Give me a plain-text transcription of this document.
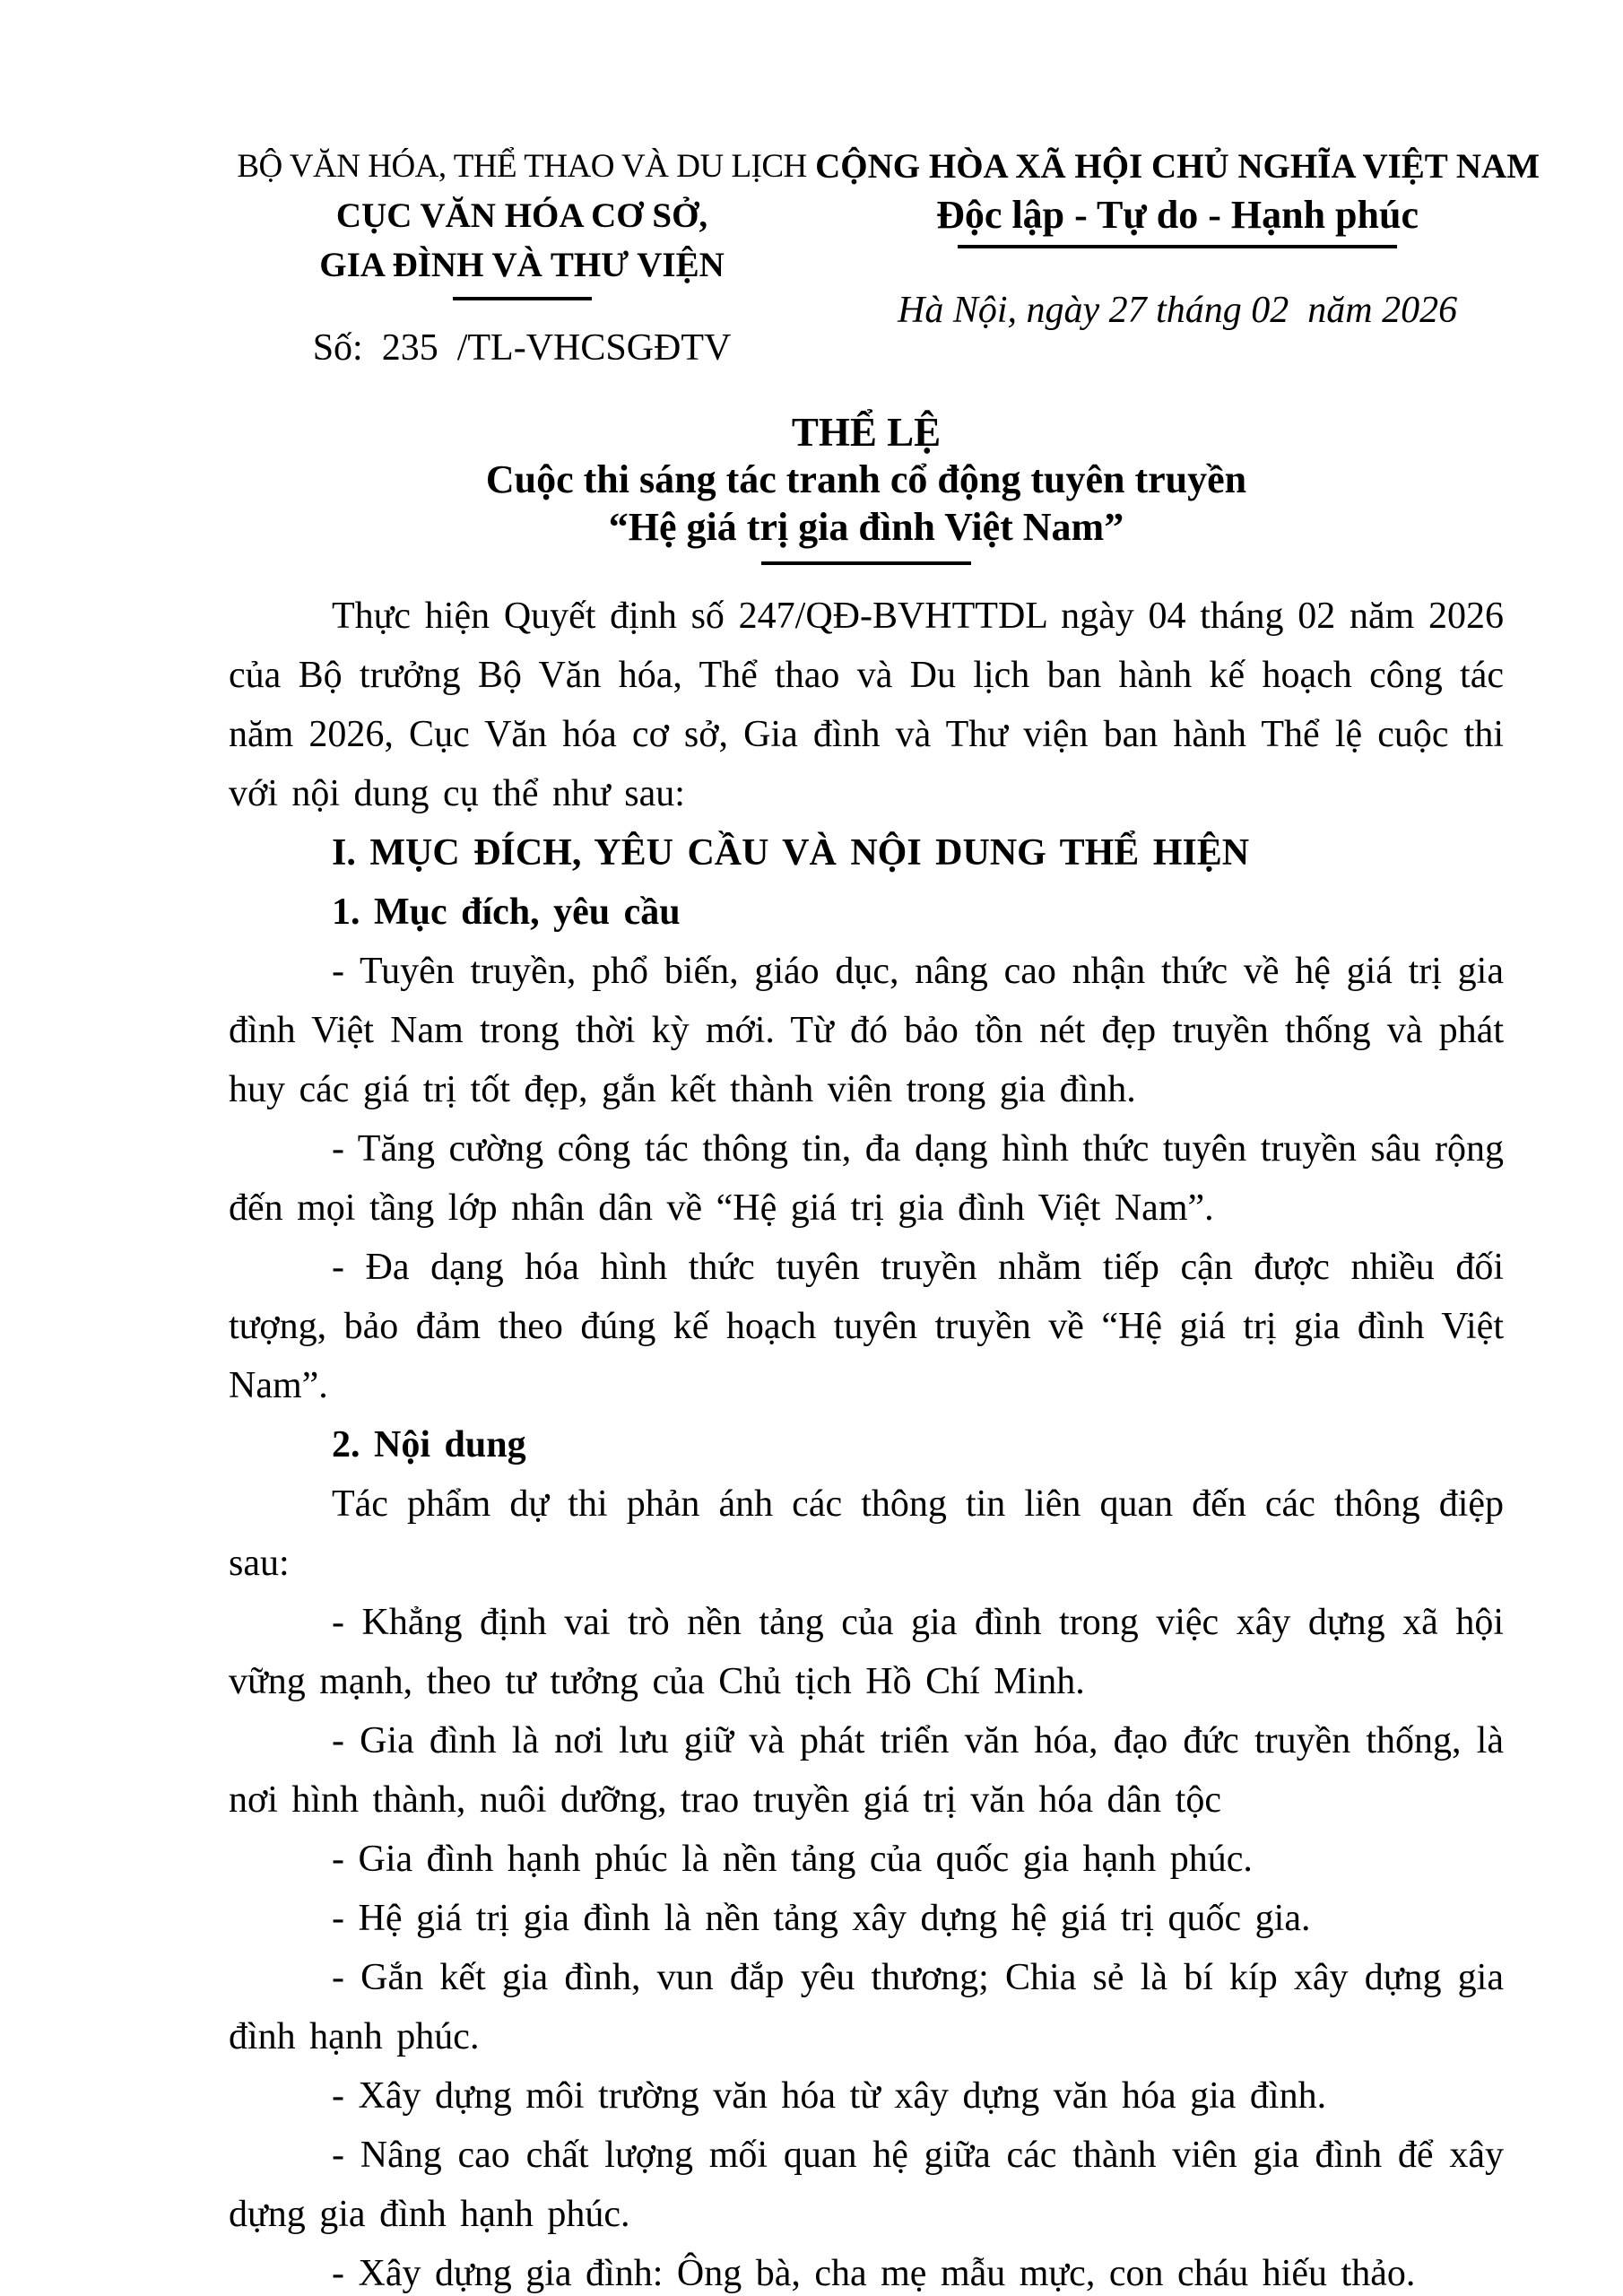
BỘ VĂN HÓA, THỂ THAO VÀ DU LỊCH
CỤC VĂN HÓA CƠ SỞ,
GIA ĐÌNH VÀ THƯ VIỆN
Số:  235  /TL-VHCSGĐTV
CỘNG HÒA XÃ HỘI CHỦ NGHĨA VIỆT NAM
Độc lập - Tự do - Hạnh phúc
Hà Nội, ngày 27 tháng 02  năm 2026
THỂ LỆ
Cuộc thi sáng tác tranh cổ động tuyên truyền
“Hệ giá trị gia đình Việt Nam”

Thực hiện Quyết định số 247/QĐ-BVHTTDL ngày 04 tháng 02 năm 2026 của Bộ trưởng Bộ Văn hóa, Thể thao và Du lịch ban hành kế hoạch công tác năm 2026, Cục Văn hóa cơ sở, Gia đình và Thư viện ban hành Thể lệ cuộc thi với nội dung cụ thể như sau:

I. MỤC ĐÍCH, YÊU CẦU VÀ NỘI DUNG THỂ HIỆN

1. Mục đích, yêu cầu

- Tuyên truyền, phổ biến, giáo dục, nâng cao nhận thức về hệ giá trị gia đình Việt Nam trong thời kỳ mới. Từ đó bảo tồn nét đẹp truyền thống và phát huy các giá trị tốt đẹp, gắn kết thành viên trong gia đình.

- Tăng cường công tác thông tin, đa dạng hình thức tuyên truyền sâu rộng đến mọi tầng lớp nhân dân về “Hệ giá trị gia đình Việt Nam”.

- Đa dạng hóa hình thức tuyên truyền nhằm tiếp cận được nhiều đối tượng, bảo đảm theo đúng kế hoạch tuyên truyền về “Hệ giá trị gia đình Việt Nam”.

2. Nội dung

Tác phẩm dự thi phản ánh các thông tin liên quan đến các thông điệp sau:

- Khẳng định vai trò nền tảng của gia đình trong việc xây dựng xã hội vững mạnh, theo tư tưởng của Chủ tịch Hồ Chí Minh.

- Gia đình là nơi lưu giữ và phát triển văn hóa, đạo đức truyền thống, là nơi hình thành, nuôi dưỡng, trao truyền giá trị văn hóa dân tộc

- Gia đình hạnh phúc là nền tảng của quốc gia hạnh phúc.

- Hệ giá trị gia đình là nền tảng xây dựng hệ giá trị quốc gia.

- Gắn kết gia đình, vun đắp yêu thương; Chia sẻ là bí kíp xây dựng gia đình hạnh phúc.

- Xây dựng môi trường văn hóa từ xây dựng văn hóa gia đình.

- Nâng cao chất lượng mối quan hệ giữa các thành viên gia đình để xây dựng gia đình hạnh phúc.

- Xây dựng gia đình: Ông bà, cha mẹ mẫu mực, con cháu hiếu thảo.
